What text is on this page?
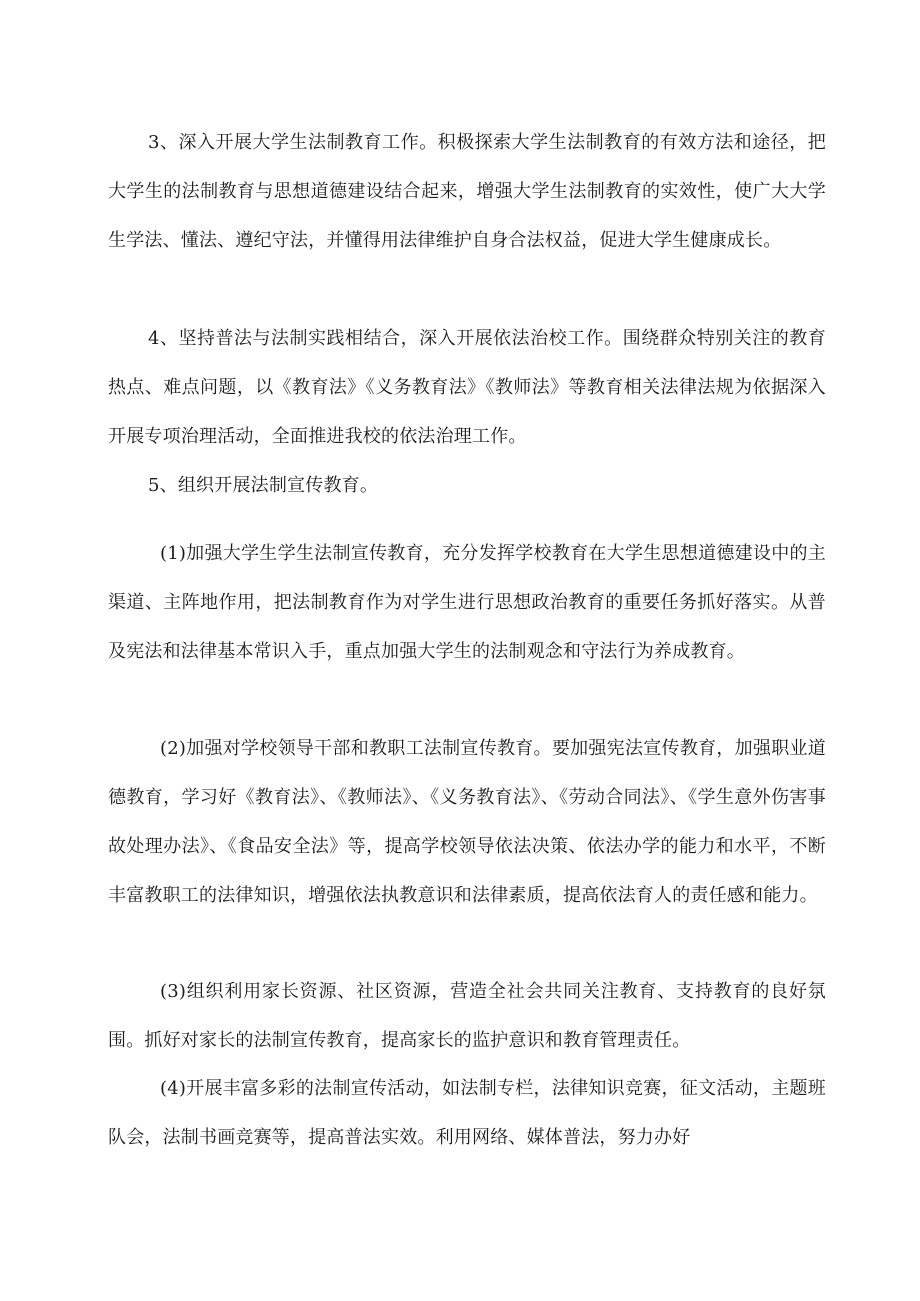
3、深入开展大学生法制教育工作。积极探索大学生法制教育的有效方法和途径，把大学生的法制教育与思想道德建设结合起来，增强大学生法制教育的实效性，使广大大学生学法、懂法、遵纪守法，并懂得用法律维护自身合法权益，促进大学生健康成长。

4、坚持普法与法制实践相结合，深入开展依法治校工作。围绕群众特别关注的教育热点、难点问题，以《教育法》《义务教育法》《教师法》等教育相关法律法规为依据深入开展专项治理活动，全面推进我校的依法治理工作。

5、组织开展法制宣传教育。

(1)加强大学生学生法制宣传教育，充分发挥学校教育在大学生思想道德建设中的主渠道、主阵地作用，把法制教育作为对学生进行思想政治教育的重要任务抓好落实。从普及宪法和法律基本常识入手，重点加强大学生的法制观念和守法行为养成教育。

(2)加强对学校领导干部和教职工法制宣传教育。要加强宪法宣传教育，加强职业道德教育，学习好《教育法》、《教师法》、《义务教育法》、《劳动合同法》、《学生意外伤害事故处理办法》、《食品安全法》等，提高学校领导依法决策、依法办学的能力和水平，不断丰富教职工的法律知识，增强依法执教意识和法律素质，提高依法育人的责任感和能力。

(3)组织利用家长资源、社区资源，营造全社会共同关注教育、支持教育的良好氛围。抓好对家长的法制宣传教育，提高家长的监护意识和教育管理责任。

(4)开展丰富多彩的法制宣传活动，如法制专栏，法律知识竞赛，征文活动，主题班队会，法制书画竞赛等，提高普法实效。利用网络、媒体普法，努力办好
